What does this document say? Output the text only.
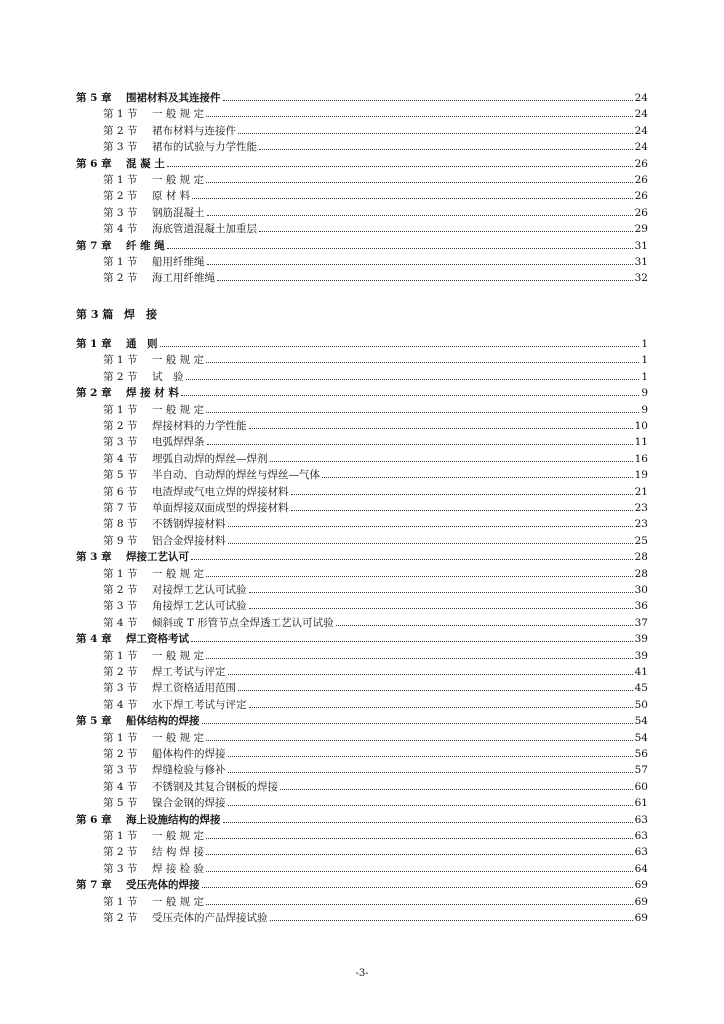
第 5 章 围裙材料及其连接件	24
第 1 节 一 般 规 定	24
第 2 节 裙布材料与连接件	24
第 3 节 裙布的试验与力学性能	24
第 6 章 混 凝 土	26
第 1 节 一 般 规 定	26
第 2 节 原 材 料	26
第 3 节 钢筋混凝土	26
第 4 节 海底管道混凝土加重层	29
第 7 章 纤 维 绳	31
第 1 节 船用纤维绳	31
第 2 节 海工用纤维绳	32
第 3 篇 焊　接
第 1 章 通　则	1
第 1 节 一 般 规 定	1
第 2 节 试　验	1
第 2 章 焊 接 材 料	9
第 1 节 一 般 规 定	9
第 2 节 焊接材料的力学性能	10
第 3 节 电弧焊焊条	11
第 4 节 埋弧自动焊的焊丝—焊剂	16
第 5 节 半自动、自动焊的焊丝与焊丝—气体	19
第 6 节 电渣焊或气电立焊的焊接材料	21
第 7 节 单面焊接双面成型的焊接材料	23
第 8 节 不锈钢焊接材料	23
第 9 节 铝合金焊接材料	25
第 3 章 焊接工艺认可	28
第 1 节 一 般 规 定	28
第 2 节 对接焊工艺认可试验	30
第 3 节 角接焊工艺认可试验	36
第 4 节 倾斜或 T 形管节点全焊透工艺认可试验	37
第 4 章 焊工资格考试	39
第 1 节 一 般 规 定	39
第 2 节 焊工考试与评定	41
第 3 节 焊工资格适用范围	45
第 4 节 水下焊工考试与评定	50
第 5 章 船体结构的焊接	54
第 1 节 一 般 规 定	54
第 2 节 船体构件的焊接	56
第 3 节 焊缝检验与修补	57
第 4 节 不锈钢及其复合钢板的焊接	60
第 5 节 镍合金钢的焊接	61
第 6 章 海上设施结构的焊接	63
第 1 节 一 般 规 定	63
第 2 节 结 构 焊 接	63
第 3 节 焊 接 检 验	64
第 7 章 受压壳体的焊接	69
第 1 节 一 般 规 定	69
第 2 节 受压壳体的产品焊接试验	69
-3-
